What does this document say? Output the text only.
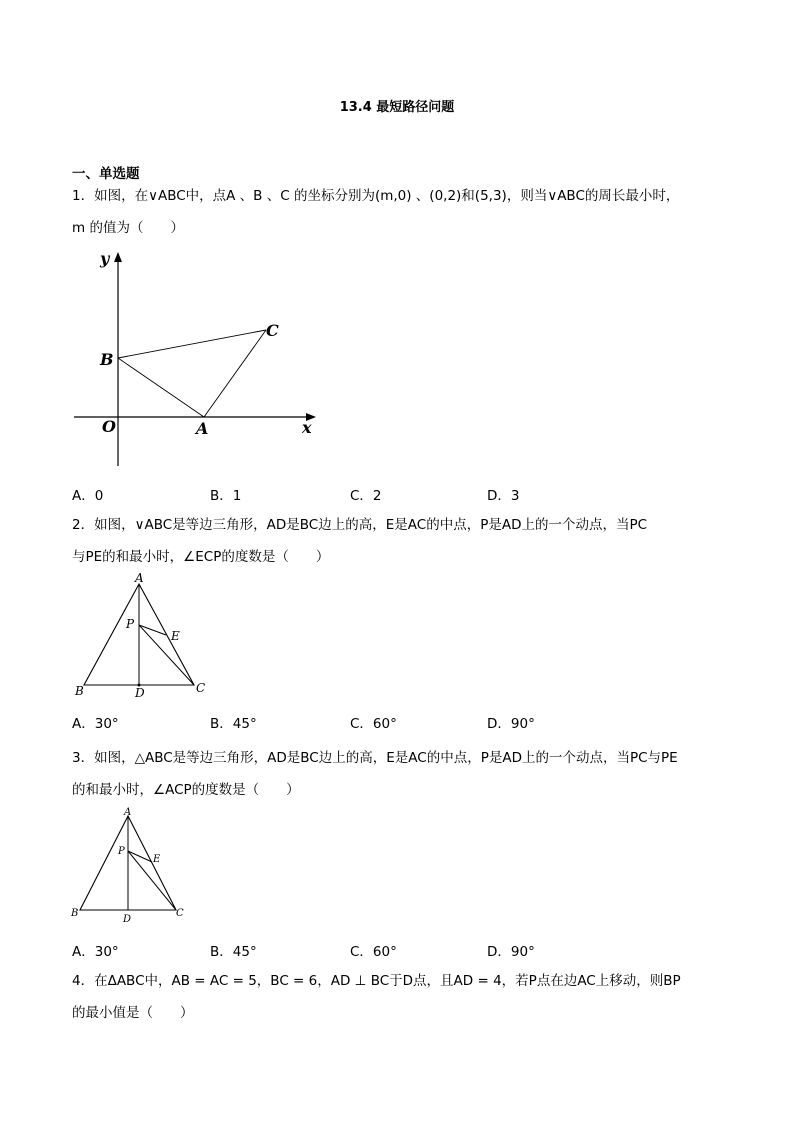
13.4 最短路径问题
一、单选题
1．如图，在∨ABC中，点A 、B 、C 的坐标分别为(m,0) 、(0,2)和(5,3)，则当∨ABC的周长最小时，
m 的值为（　　）
y
x
O	A
B
C
A．0	B．1	C．2	D．3
2．如图，∨ABC是等边三角形，AD是BC边上的高，E是AC的中点，P是AD上的一个动点，当PC
与PE的和最小时，∠ECP的度数是（　　）
A
B	C
D
E
P
A．30°	B．45°	C．60°	D．90°
3．如图，△ABC是等边三角形，AD是BC边上的高，E是AC的中点，P是AD上的一个动点，当PC与PE
的和最小时，∠ACP的度数是（　　）
A
B	C
D
E
P
A．30°	B．45°	C．60°	D．90°
4．在ΔABC中，AB = AC = 5，BC = 6，AD ⊥ BC于D点，且AD = 4，若P点在边AC上移动，则BP
的最小值是（　　）
